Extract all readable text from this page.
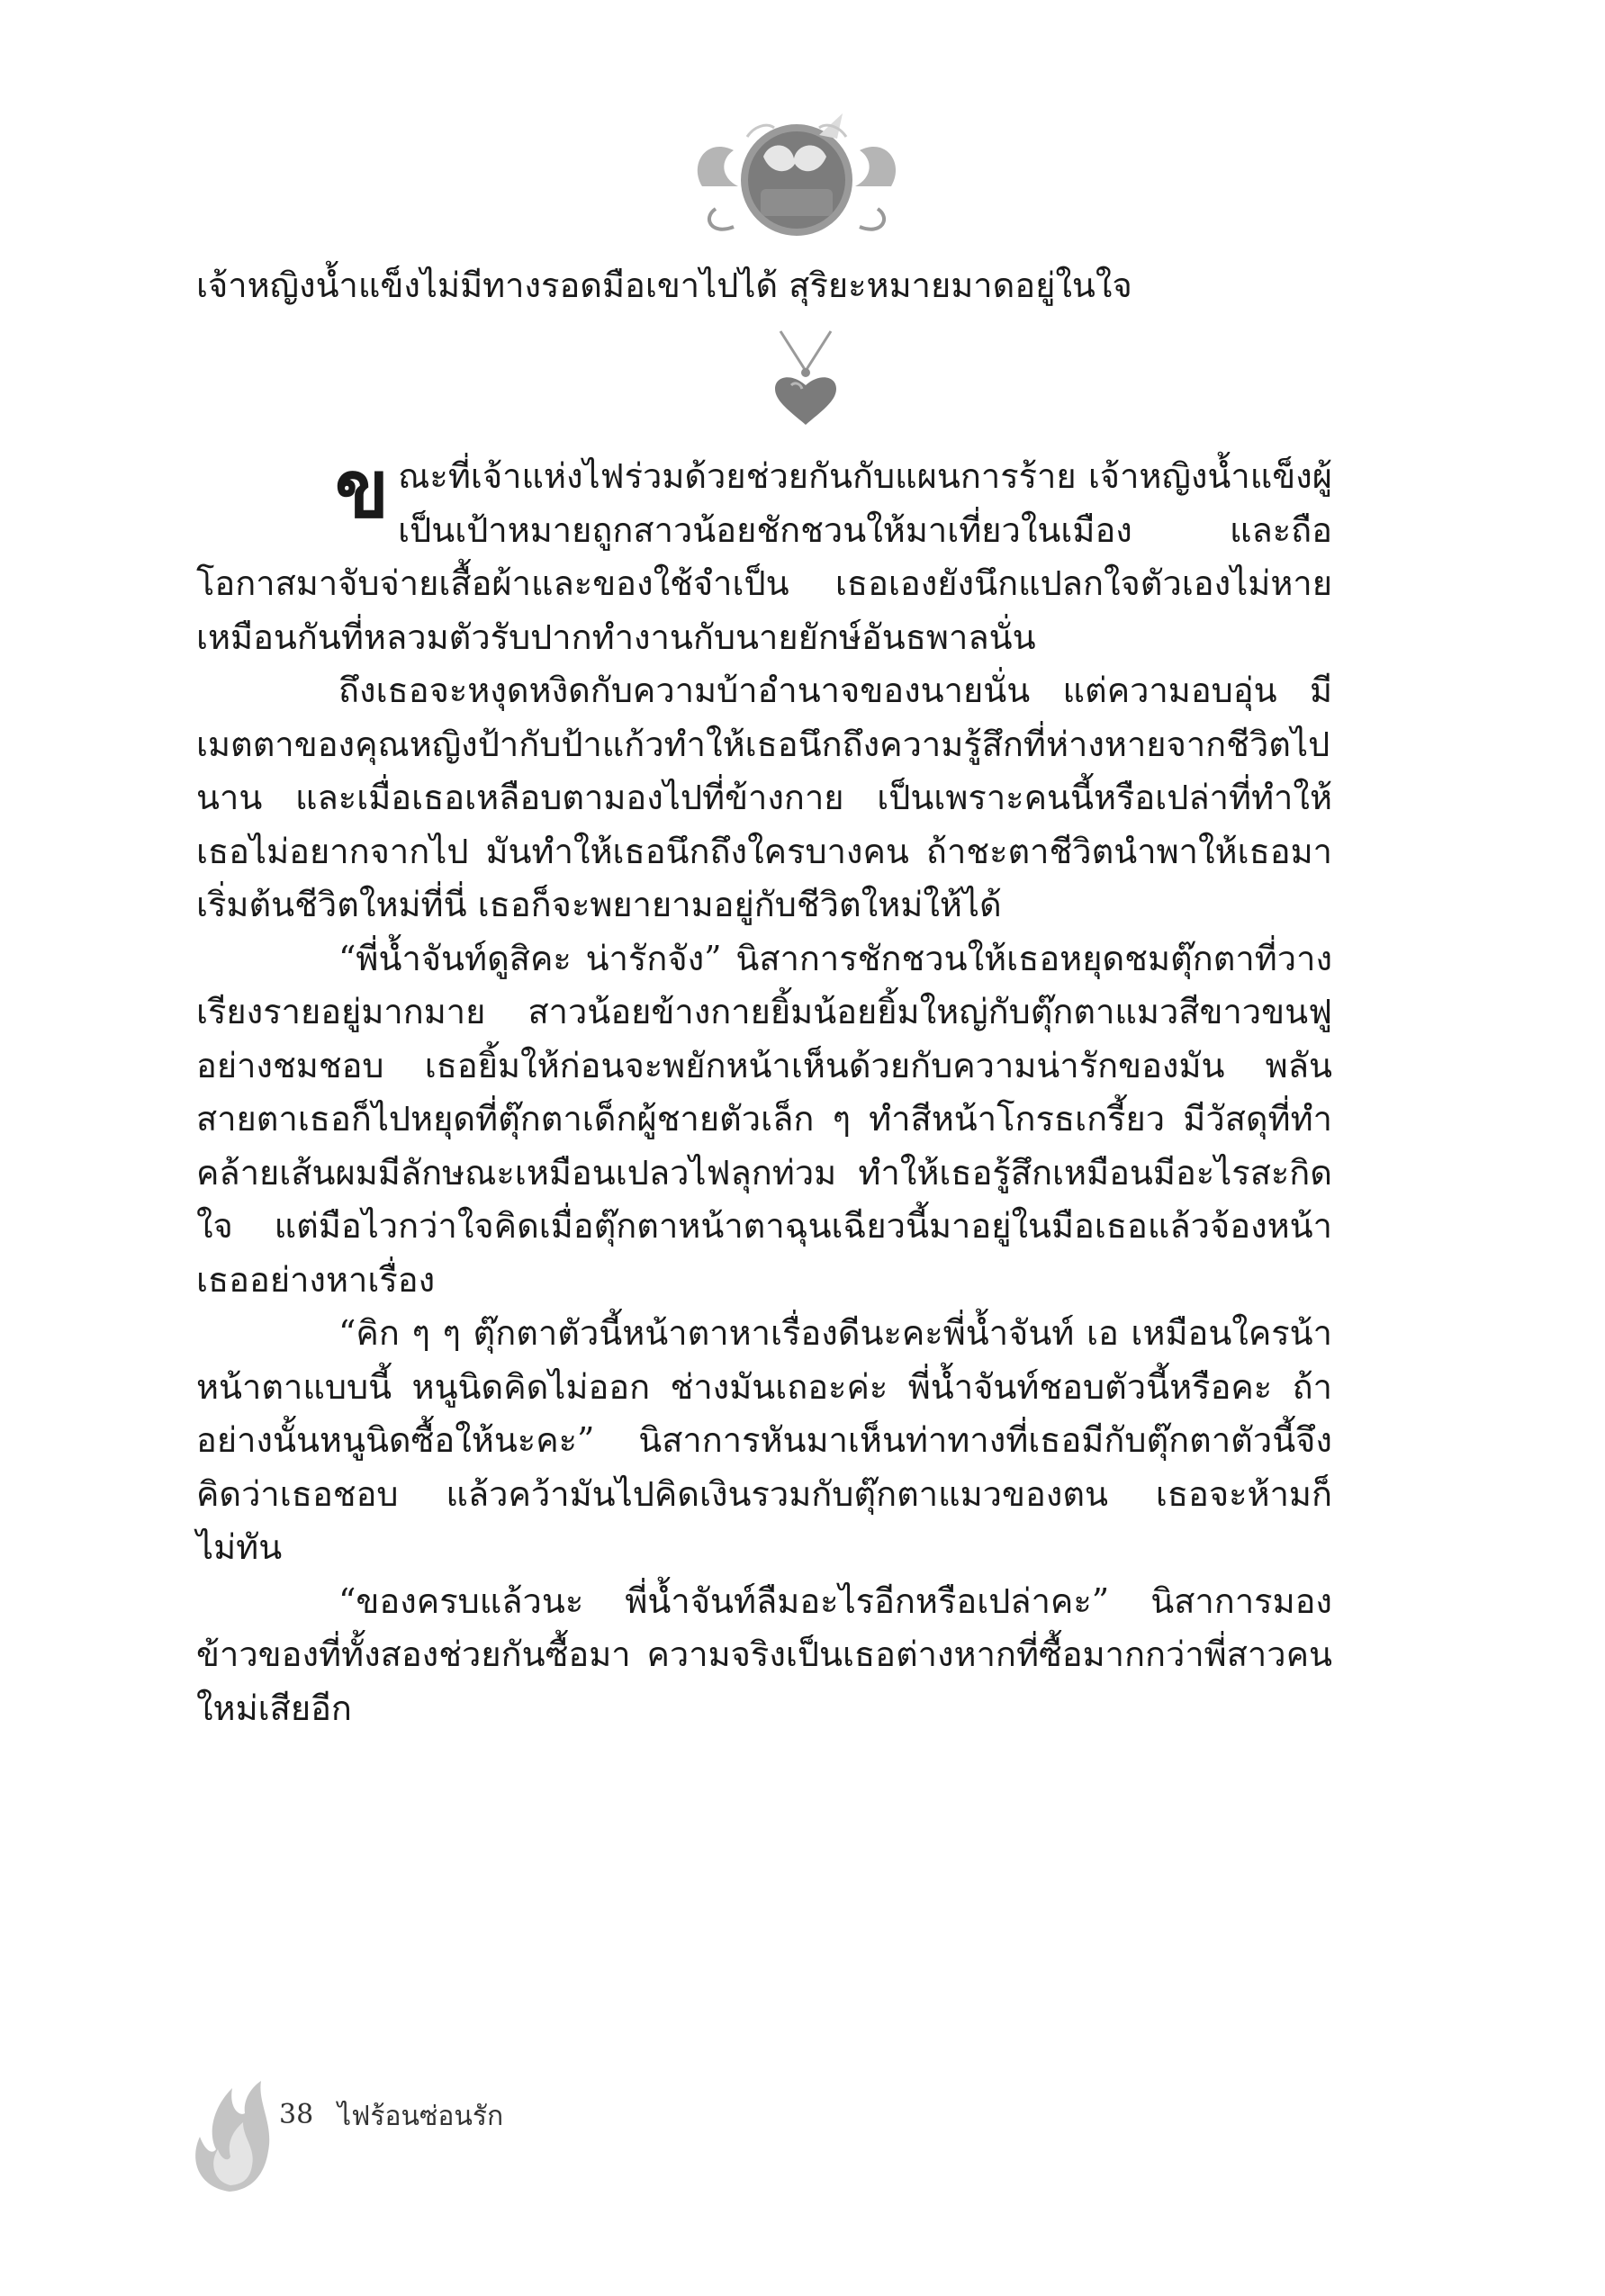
เจ้าหญิงน้ำแข็งไม่มีทางรอดมือเขาไปได้ สุริยะหมายมาดอยู่ในใจ

ขณะที่เจ้าแห่งไฟร่วมด้วยช่วยกันกับแผนการร้าย เจ้าหญิงน้ำแข็งผู้เป็นเป้าหมายถูกสาวน้อยชักชวนให้มาเที่ยวในเมือง และถือโอกาสมาจับจ่ายเสื้อผ้าและของใช้จำเป็น เธอเองยังนึกแปลกใจตัวเองไม่หายเหมือนกันที่หลวมตัวรับปากทำงานกับนายยักษ์อันธพาลนั่น

ถึงเธอจะหงุดหงิดกับความบ้าอำนาจของนายนั่น แต่ความอบอุ่น มีเมตตาของคุณหญิงป้ากับป้าแก้วทำให้เธอนึกถึงความรู้สึกที่ห่างหายจากชีวิตไปนาน และเมื่อเธอเหลือบตามองไปที่ข้างกาย เป็นเพราะคนนี้หรือเปล่าที่ทำให้เธอไม่อยากจากไป มันทำให้เธอนึกถึงใครบางคน ถ้าชะตาชีวิตนำพาให้เธอมาเริ่มต้นชีวิตใหม่ที่นี่ เธอก็จะพยายามอยู่กับชีวิตใหม่ให้ได้

“พี่น้ำจันท์ดูสิคะ น่ารักจัง” นิสาการชักชวนให้เธอหยุดชมตุ๊กตาที่วางเรียงรายอยู่มากมาย สาวน้อยข้างกายยิ้มน้อยยิ้มใหญ่กับตุ๊กตาแมวสีขาวขนฟูอย่างชมชอบ เธอยิ้มให้ก่อนจะพยักหน้าเห็นด้วยกับความน่ารักของมัน พลันสายตาเธอก็ไปหยุดที่ตุ๊กตาเด็กผู้ชายตัวเล็ก ๆ ทำสีหน้าโกรธเกรี้ยว มีวัสดุที่ทำคล้ายเส้นผมมีลักษณะเหมือนเปลวไฟลุกท่วม ทำให้เธอรู้สึกเหมือนมีอะไรสะกิดใจ แต่มือไวกว่าใจคิดเมื่อตุ๊กตาหน้าตาฉุนเฉียวนี้มาอยู่ในมือเธอแล้วจ้องหน้าเธออย่างหาเรื่อง

“คิก ๆ ๆ ตุ๊กตาตัวนี้หน้าตาหาเรื่องดีนะคะพี่น้ำจันท์ เอ เหมือนใครน้า หน้าตาแบบนี้ หนูนิดคิดไม่ออก ช่างมันเถอะค่ะ พี่น้ำจันท์ชอบตัวนี้หรือคะ ถ้าอย่างนั้นหนูนิดซื้อให้นะคะ” นิสาการหันมาเห็นท่าทางที่เธอมีกับตุ๊กตาตัวนี้จึงคิดว่าเธอชอบ แล้วคว้ามันไปคิดเงินรวมกับตุ๊กตาแมวของตน เธอจะห้ามก็ไม่ทัน

“ของครบแล้วนะ พี่น้ำจันท์ลืมอะไรอีกหรือเปล่าคะ” นิสาการมองข้าวของที่ทั้งสองช่วยกันซื้อมา ความจริงเป็นเธอต่างหากที่ซื้อมากกว่าพี่สาวคนใหม่เสียอีก

38 ไฟร้อนซ่อนรัก
